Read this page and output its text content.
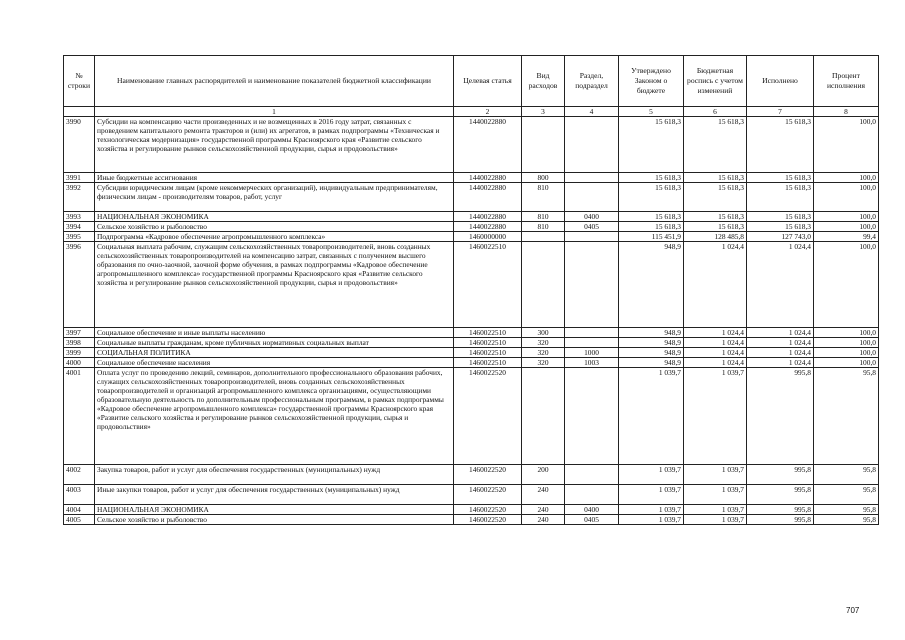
№ строки	Наименование главных распорядителей и наименование показателей бюджетной классификации	Целевая статья	Вид расходов	Раздел, подраздел	Утверждено Законом о бюджете	Бюджетная роспись с учетом изменений	Исполнено	Процент исполнения
	1	2	3	4	5	6	7	8
3990	Субсидии на компенсацию части произведенных и не возмещенных в 2016 году затрат, связанных с проведением капитального ремонта тракторов и (или) их агрегатов, в рамках подпрограммы «Техническая и технологическая модернизация» государственной программы Красноярского края «Развитие сельского хозяйства и регулирование рынков сельскохозяйственной продукции, сырья и продовольствия»	1440022880			15 618,3	15 618,3	15 618,3	100,0
3991	Иные бюджетные ассигнования	1440022880	800		15 618,3	15 618,3	15 618,3	100,0
3992	Субсидии юридическим лицам (кроме некоммерческих организаций), индивидуальным предпринимателям, физическим лицам - производителям товаров, работ, услуг	1440022880	810		15 618,3	15 618,3	15 618,3	100,0
3993	НАЦИОНАЛЬНАЯ ЭКОНОМИКА	1440022880	810	0400	15 618,3	15 618,3	15 618,3	100,0
3994	Сельское хозяйство и рыболовство	1440022880	810	0405	15 618,3	15 618,3	15 618,3	100,0
3995	Подпрограмма «Кадровое обеспечение агропромышленного комплекса»	1460000000			115 451,9	128 485,8	127 743,0	99,4
3996	Социальная выплата рабочим, служащим сельскохозяйственных товаропроизводителей, вновь созданных сельскохозяйственных товаропроизводителей на компенсацию затрат, связанных с получением высшего образования по очно-заочной, заочной форме обучения, в рамках подпрограммы «Кадровое обеспечение агропромышленного комплекса» государственной программы Красноярского края «Развитие сельского хозяйства и регулирование рынков сельскохозяйственной продукции, сырья и продовольствия»	1460022510			948,9	1 024,4	1 024,4	100,0
3997	Социальное обеспечение и иные выплаты населению	1460022510	300		948,9	1 024,4	1 024,4	100,0
3998	Социальные выплаты гражданам, кроме публичных нормативных социальных выплат	1460022510	320		948,9	1 024,4	1 024,4	100,0
3999	СОЦИАЛЬНАЯ ПОЛИТИКА	1460022510	320	1000	948,9	1 024,4	1 024,4	100,0
4000	Социальное обеспечение населения	1460022510	320	1003	948,9	1 024,4	1 024,4	100,0
4001	Оплата услуг по проведению лекций, семинаров, дополнительного профессионального образования рабочих, служащих сельскохозяйственных товаропроизводителей, вновь созданных сельскохозяйственных товаропроизводителей и организаций агропромышленного комплекса организациями, осуществляющими образовательную деятельность по дополнительным профессиональным программам, в рамках подпрограммы «Кадровое обеспечение агропромышленного комплекса» государственной программы Красноярского края «Развитие сельского хозяйства и регулирование рынков сельскохозяйственной продукции, сырья и продовольствия»	1460022520			1 039,7	1 039,7	995,8	95,8
4002	Закупка товаров, работ и услуг для обеспечения государственных (муниципальных) нужд	1460022520	200		1 039,7	1 039,7	995,8	95,8
4003	Иные закупки товаров, работ и услуг для обеспечения государственных (муниципальных) нужд	1460022520	240		1 039,7	1 039,7	995,8	95,8
4004	НАЦИОНАЛЬНАЯ ЭКОНОМИКА	1460022520	240	0400	1 039,7	1 039,7	995,8	95,8
4005	Сельское хозяйство и рыболовство	1460022520	240	0405	1 039,7	1 039,7	995,8	95,8
707
